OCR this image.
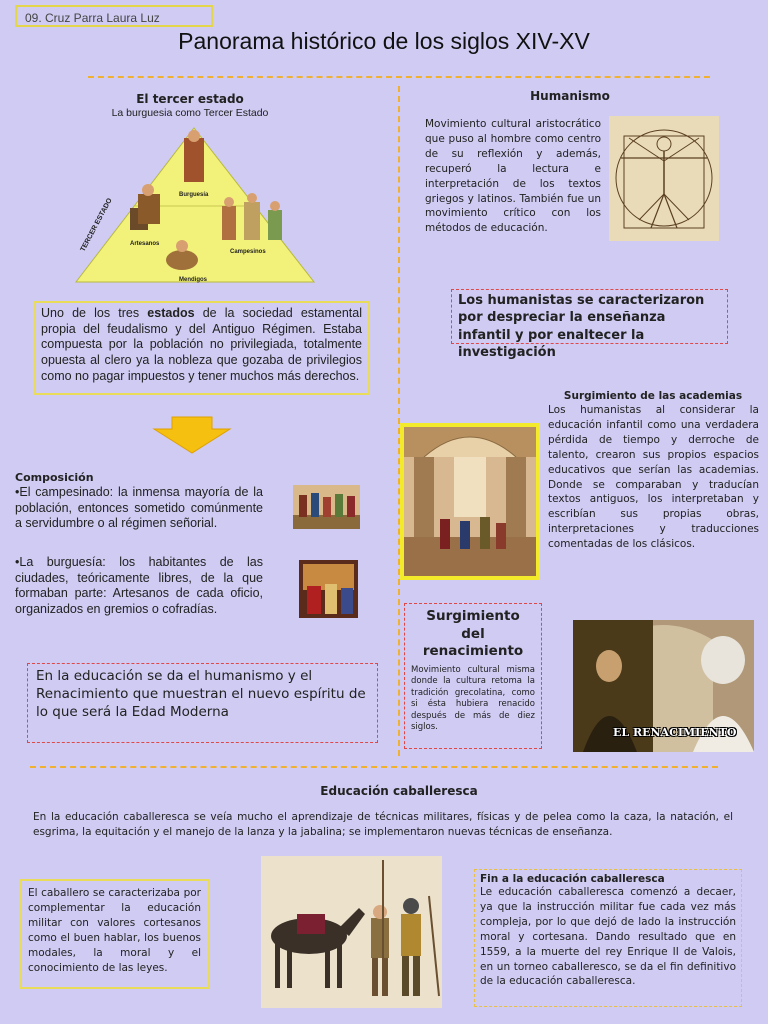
09. Cruz Parra Laura Luz
Panorama histórico de los siglos XIV-XV
El tercer estado
La burguesia como Tercer Estado
TERCER ESTADO
Burguesía
Artesanos
Campesinos
Mendigos
Uno de los tres estados de la sociedad estamental propia del feudalismo y del Antiguo Régimen. Estaba compuesta por la población no privilegiada, totalmente opuesta al clero ya la nobleza que gozaba de privilegios como no pagar impuestos y tener muchos más derechos.
Composición
•El campesinado: la inmensa mayoría de la población, entonces sometido comúnmente a servidumbre o al régimen señorial.
•La burguesía: los habitantes de las ciudades, teóricamente libres, de la que formaban parte: Artesanos de cada oficio, organizados en gremios o cofradías.
En la educación se da el humanismo y el Renacimiento que muestran el nuevo espíritu de lo que será la Edad Moderna
Humanismo
Movimiento cultural aristocrático que puso al hombre como centro de su reflexión y además, recuperó la lectura e interpretación de los textos griegos y latinos. También fue un movimiento crítico con los métodos de educación.
Los humanistas se caracterizaron por despreciar la enseñanza infantil y por enaltecer la investigación
Surgimiento de las academias
Los humanistas al considerar la educación infantil como una verdadera pérdida de tiempo y derroche de talento, crearon sus propios espacios educativos que serían las academias. Donde se comparaban y traducían textos antiguos, los interpretaban y escribían sus propias obras, interpretaciones y traducciones comentadas de los clásicos.
Surgimiento del renacimiento
Movimiento cultural misma donde la cultura retoma la tradición grecolatina, como si ésta hubiera renacido después de más de diez siglos.	EL RENACIMIENTO
Educación caballeresca
En la educación caballeresca se veía mucho el aprendizaje de técnicas militares, físicas y de pelea como la caza, la natación, el esgrima, la equitación y el manejo de la lanza y la jabalina; se implementaron nuevas técnicas de enseñanza.
El caballero se caracterizaba por complementar la educación militar con valores cortesanos como el buen hablar, los buenos modales, la moral y el conocimiento de las leyes.
Fin a la educación caballeresca
Le educación caballeresca comenzó a decaer, ya que la instrucción militar fue cada vez más compleja, por lo que dejó de lado la instrucción moral y cortesana. Dando resultado que en 1559, a la muerte del rey Enrique II de Valois, en un torneo caballeresco, se da el fin definitivo de la educación caballeresca.
